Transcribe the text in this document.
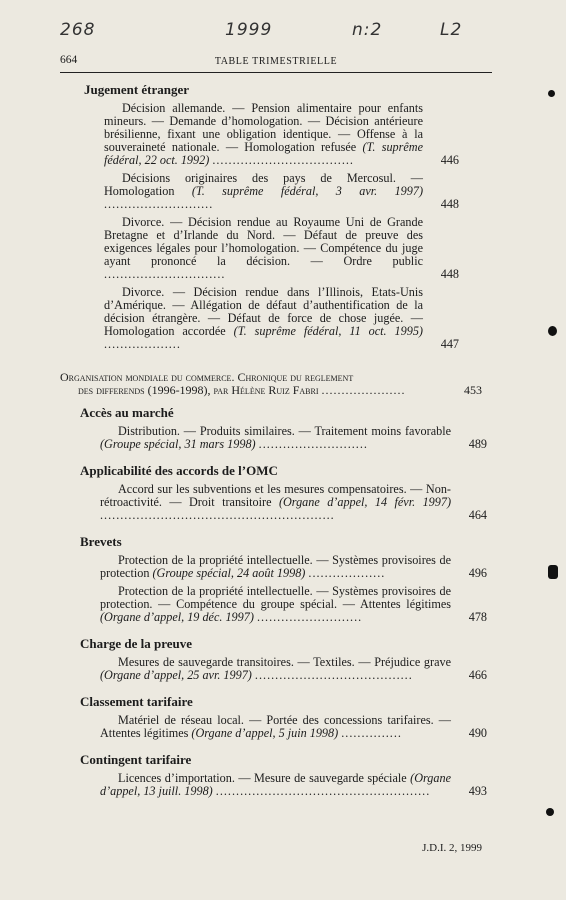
268	1999	n:2	L2
664	TABLE TRIMESTRIELLE
Jugement étranger
Décision allemande. — Pension alimentaire pour enfants mineurs. — Demande d’homologation. — Décision antérieure brésilienne, fixant une obligation identique. — Offense à la souveraineté nationale. — Homologation refusée (T. suprême fédéral, 22 oct. 1992) ...................................	446
Décisions originaires des pays de Mercosul. — Homologation (T. suprême fédéral, 3 avr. 1997) ...........................	448
Divorce. — Décision rendue au Royaume Uni de Grande Bretagne et d’Irlande du Nord. — Défaut de preuve des exigences légales pour l’homologation. — Compétence du juge ayant prononcé la décision. — Ordre public ..............................	448
Divorce. — Décision rendue dans l’Illinois, Etats-Unis d’Amérique. — Allégation de défaut d’authentification de la décision étrangère. — Défaut de force de chose jugée. — Homologation accordée (T. suprême fédéral, 11 oct. 1995) ...................	447
Organisation mondiale du commerce. Chronique du reglement
des differends (1996-1998), par Hélène Ruiz Fabri .....................	453
Accès au marché
Distribution. — Produits similaires. — Traitement moins favorable (Groupe spécial, 31 mars 1998) ...........................	489
Applicabilité des accords de l’OMC
Accord sur les subventions et les mesures compensatoires. — Non-rétroactivité. — Droit transitoire (Organe d’appel, 14 févr. 1997) ..........................................................	464
Brevets
Protection de la propriété intellectuelle. — Systèmes provisoires de protection (Groupe spécial, 24 août 1998) ...................	496
Protection de la propriété intellectuelle. — Systèmes provisoires de protection. — Compétence du groupe spécial. — Attentes légitimes (Organe d’appel, 19 déc. 1997) ..........................	478
Charge de la preuve
Mesures de sauvegarde transitoires. — Textiles. — Préjudice grave (Organe d’appel, 25 avr. 1997) .......................................	466
Classement tarifaire
Matériel de réseau local. — Portée des concessions tarifaires. — Attentes légitimes (Organe d’appel, 5 juin 1998) ...............	490
Contingent tarifaire
Licences d’importation. — Mesure de sauvegarde spéciale (Organe d’appel, 13 juill. 1998) .....................................................	493
J.D.I. 2, 1999
